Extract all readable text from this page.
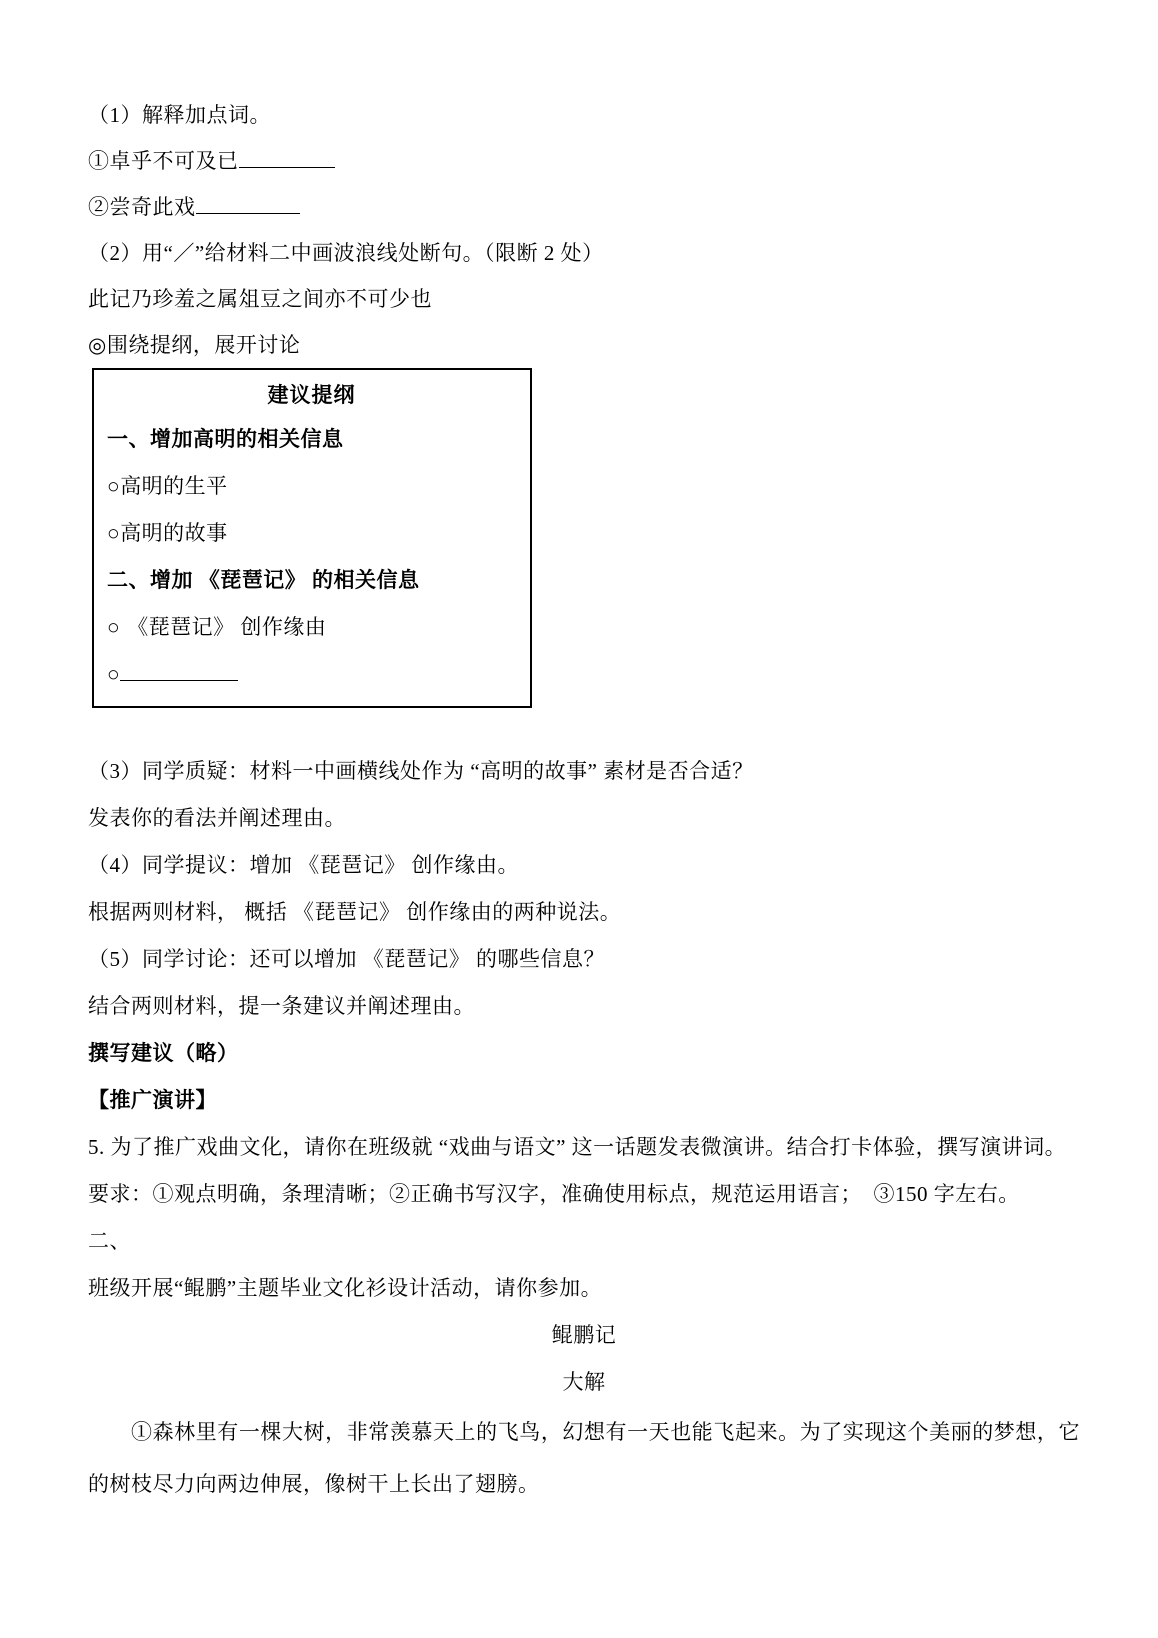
（1）解释加点词。

①卓乎不可及已

②尝奇此戏

（2）用“／”给材料二中画波浪线处断句。（限断 2 处）

此记乃珍羞之属俎豆之间亦不可少也

◎围绕提纲，展开讨论

建议提纲

一、增加高明的相关信息

○高明的生平

○高明的故事

二、增加 《琵琶记》 的相关信息

○ 《琵琶记》 创作缘由

○

（3）同学质疑：材料一中画横线处作为 “高明的故事” 素材是否合适？

发表你的看法并阐述理由。

（4）同学提议：增加 《琵琶记》 创作缘由。

根据两则材料， 概括 《琵琶记》 创作缘由的两种说法。

（5）同学讨论：还可以增加 《琵琶记》 的哪些信息？

结合两则材料，提一条建议并阐述理由。

撰写建议（略）

【推广演讲】

5. 为了推广戏曲文化，请你在班级就 “戏曲与语文” 这一话题发表微演讲。结合打卡体验，撰写演讲词。

要求：①观点明确，条理清晰；②正确书写汉字，准确使用标点，规范运用语言；  ③150 字左右。

二、

班级开展“鲲鹏”主题毕业文化衫设计活动，请你参加。

鲲鹏记

大解

①森林里有一棵大树，非常羡慕天上的飞鸟，幻想有一天也能飞起来。为了实现这个美丽的梦想，它的树枝尽力向两边伸展，像树干上长出了翅膀。
